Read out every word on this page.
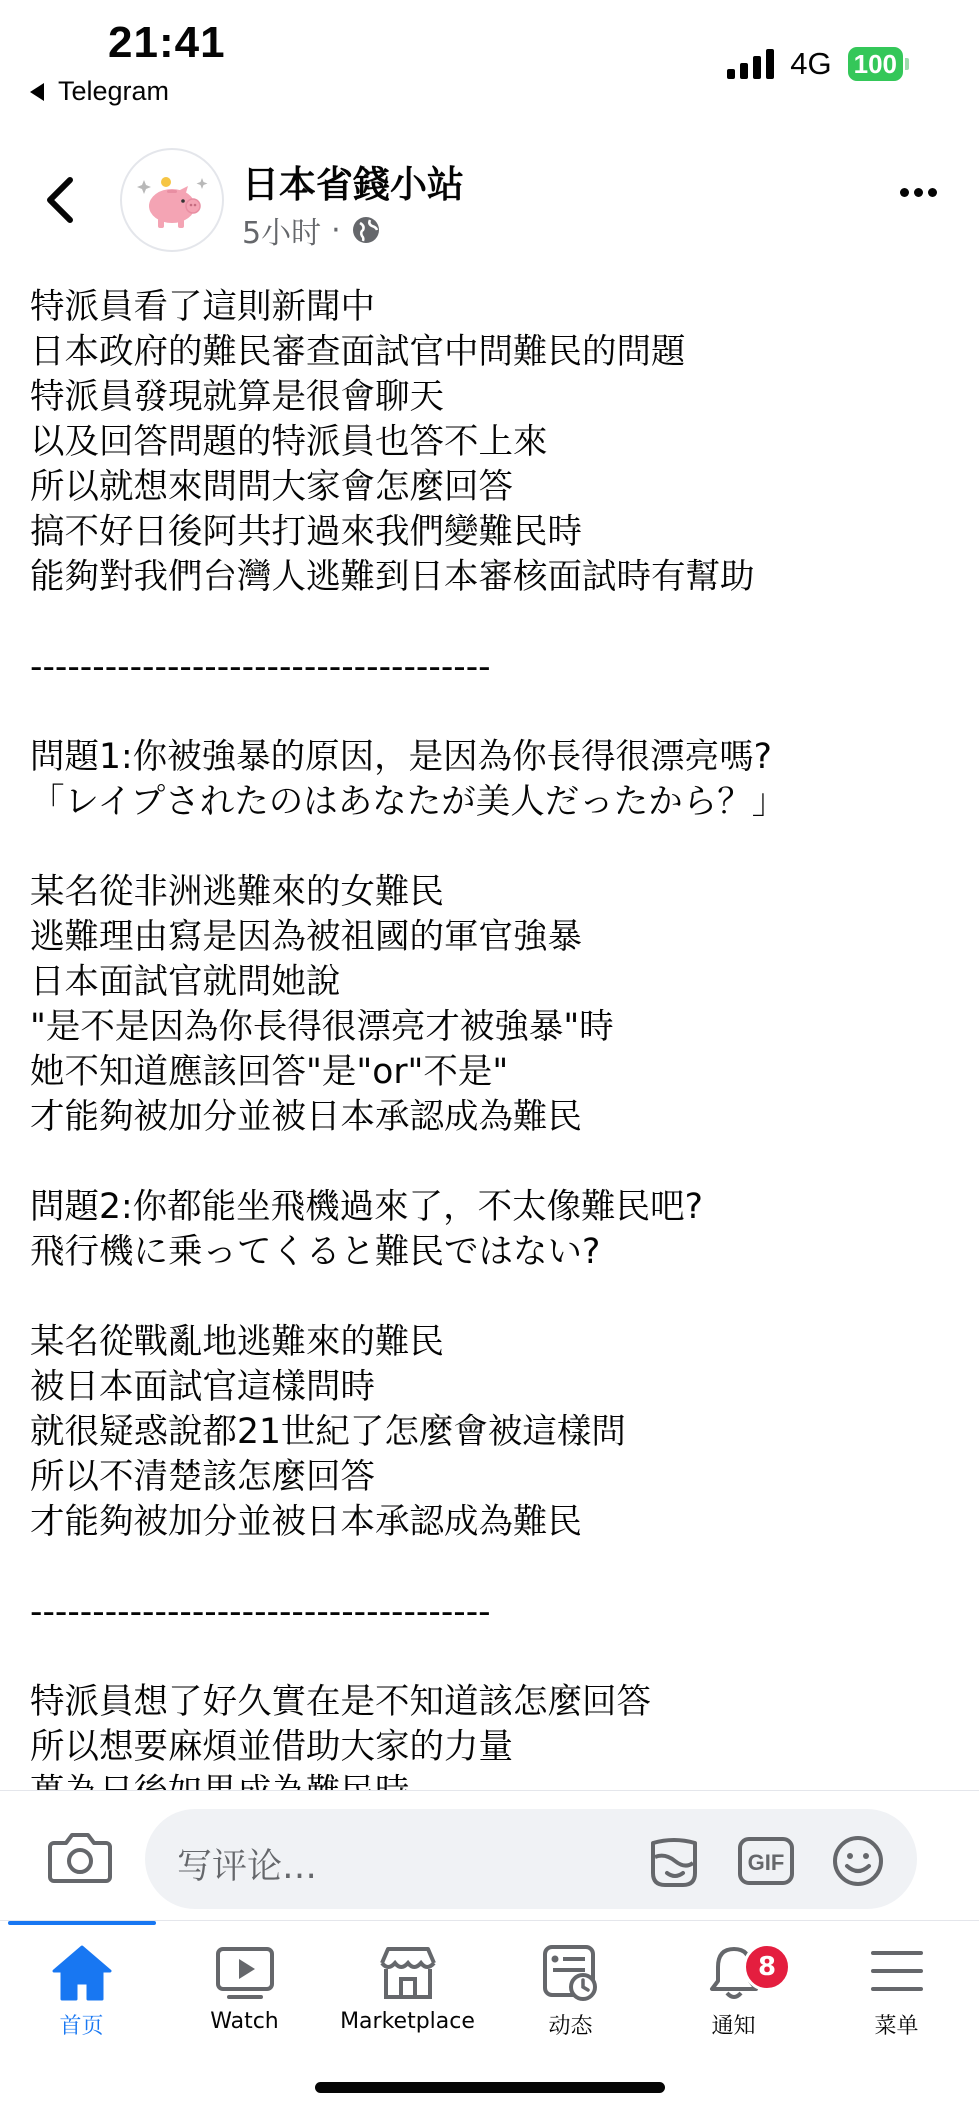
21:41
Telegram
4G 100
日本省錢小站
5小时 ·
特派員看了這則新聞中
日本政府的難民審查面試官中問難民的問題
特派員發現就算是很會聊天
以及回答問題的特派員也答不上來
所以就想來問問大家會怎麼回答
搞不好日後阿共打過來我們變難民時
能夠對我們台灣人逃難到日本審核面試時有幫助
-------------------------------------
問題1:你被強暴的原因，是因為你長得很漂亮嗎?
「レイプされたのはあなたが美人だったから？」
某名從非洲逃難來的女難民
逃難理由寫是因為被祖國的軍官強暴
日本面試官就問她說
"是不是因為你長得很漂亮才被強暴"時
她不知道應該回答"是"or"不是"
才能夠被加分並被日本承認成為難民
問題2:你都能坐飛機過來了，不太像難民吧?
飛行機に乗ってくると難民ではない?
某名從戰亂地逃難來的難民
被日本面試官這樣問時
就很疑惑說都21世紀了怎麼會被這樣問
所以不清楚該怎麼回答
才能夠被加分並被日本承認成為難民
-------------------------------------
特派員想了好久實在是不知道該怎麼回答
所以想要麻煩並借助大家的力量
写评论…	GIF
首页	Watch	Marketplace	动态
8
通知	菜单
